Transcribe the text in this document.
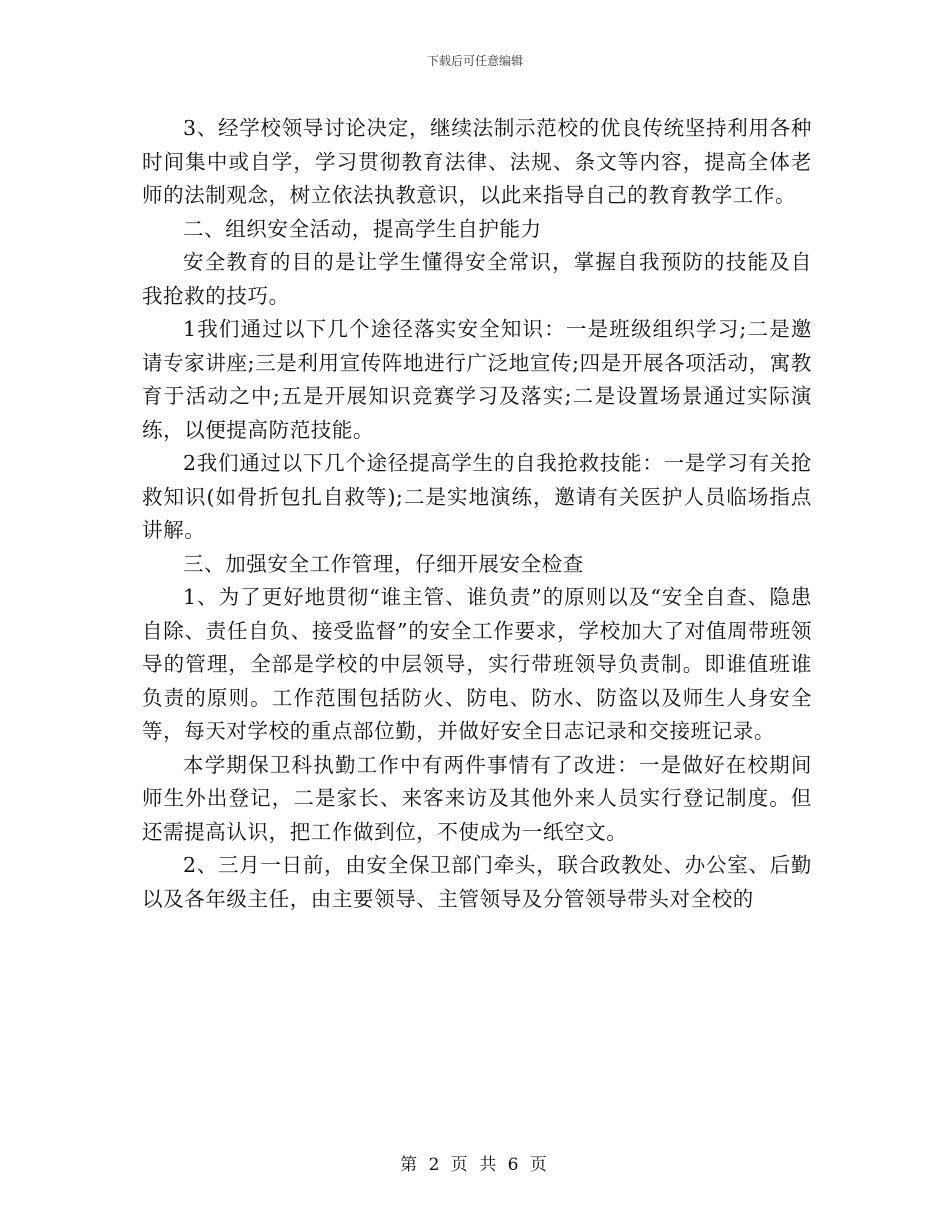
下载后可任意编辑

3、经学校领导讨论决定，继续法制示范校的优良传统坚持利用各种时间集中或自学，学习贯彻教育法律、法规、条文等内容，提高全体老师的法制观念，树立依法执教意识，以此来指导自己的教育教学工作。

二、组织安全活动，提高学生自护能力

安全教育的目的是让学生懂得安全常识，掌握自我预防的技能及自我抢救的技巧。

1我们通过以下几个途径落实安全知识：一是班级组织学习;二是邀请专家讲座;三是利用宣传阵地进行广泛地宣传;四是开展各项活动，寓教育于活动之中;五是开展知识竞赛学习及落实;二是设置场景通过实际演练，以便提高防范技能。

2我们通过以下几个途径提高学生的自我抢救技能：一是学习有关抢救知识(如骨折包扎自救等);二是实地演练，邀请有关医护人员临场指点讲解。

三、加强安全工作管理，仔细开展安全检查

1、为了更好地贯彻“谁主管、谁负责”的原则以及“安全自查、隐患自除、责任自负、接受监督”的安全工作要求，学校加大了对值周带班领导的管理，全部是学校的中层领导，实行带班领导负责制。即谁值班谁负责的原则。工作范围包括防火、防电、防水、防盗以及师生人身安全等，每天对学校的重点部位勤，并做好安全日志记录和交接班记录。

本学期保卫科执勤工作中有两件事情有了改进：一是做好在校期间师生外出登记，二是家长、来客来访及其他外来人员实行登记制度。但还需提高认识，把工作做到位，不使成为一纸空文。

2、三月一日前，由安全保卫部门牵头，联合政教处、办公室、后勤以及各年级主任，由主要领导、主管领导及分管领导带头对全校的

第 2 页 共 6 页
